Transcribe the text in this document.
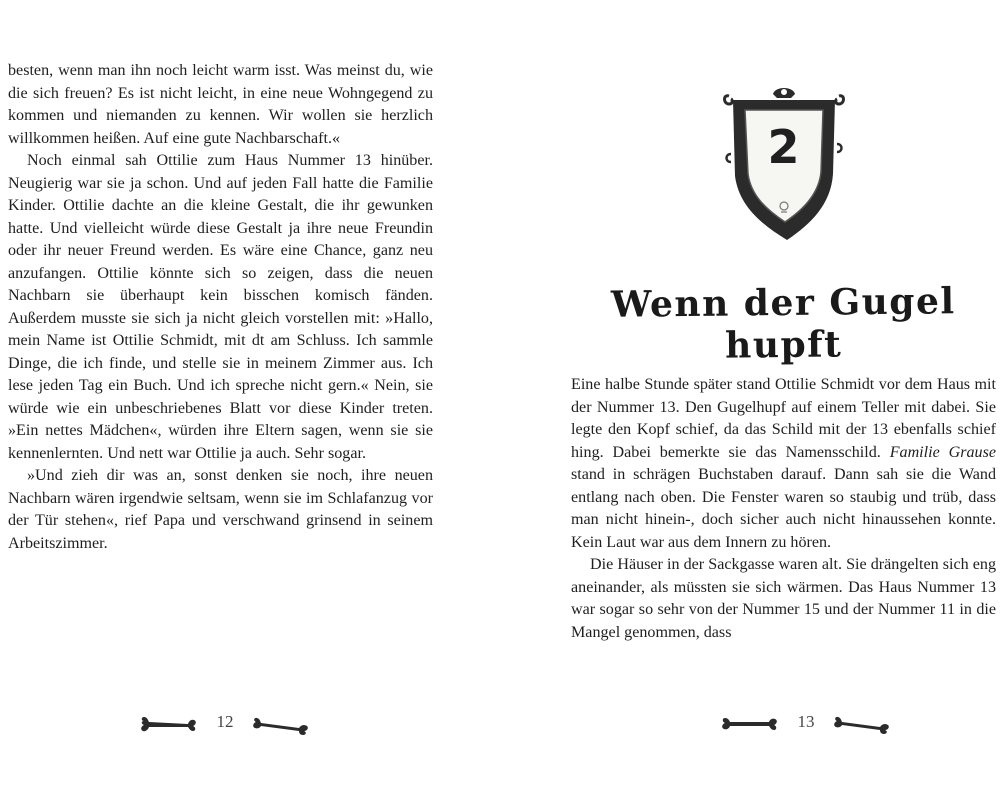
besten, wenn man ihn noch leicht warm isst. Was meinst du, wie die sich freuen? Es ist nicht leicht, in eine neue Wohngegend zu kommen und niemanden zu kennen. Wir wollen sie herzlich willkommen heißen. Auf eine gute Nachbarschaft.«

Noch einmal sah Ottilie zum Haus Nummer 13 hinüber. Neugierig war sie ja schon. Und auf jeden Fall hatte die Familie Kinder. Ottilie dachte an die kleine Gestalt, die ihr gewunken hatte. Und vielleicht würde diese Gestalt ja ihre neue Freundin oder ihr neuer Freund werden. Es wäre eine Chance, ganz neu anzufangen. Ottilie könnte sich so zeigen, dass die neuen Nachbarn sie überhaupt kein bisschen komisch fänden. Außerdem musste sie sich ja nicht gleich vorstellen mit: »Hallo, mein Name ist Ottilie Schmidt, mit dt am Schluss. Ich sammle Dinge, die ich finde, und stelle sie in meinem Zimmer aus. Ich lese jeden Tag ein Buch. Und ich spreche nicht gern.« Nein, sie würde wie ein unbeschriebenes Blatt vor diese Kinder treten. »Ein nettes Mädchen«, würden ihre Eltern sagen, wenn sie sie kennenlernten. Und nett war Ottilie ja auch. Sehr sogar.

»Und zieh dir was an, sonst denken sie noch, ihre neuen Nachbarn wären irgendwie seltsam, wenn sie im Schlafanzug vor der Tür stehen«, rief Papa und verschwand grinsend in seinem Arbeitszimmer.

12
2
Wenn der Gugel hupft

Eine halbe Stunde später stand Ottilie Schmidt vor dem Haus mit der Nummer 13. Den Gugelhupf auf einem Teller mit dabei. Sie legte den Kopf schief, da das Schild mit der 13 ebenfalls schief hing. Dabei bemerkte sie das Namensschild. Familie Grause stand in schrägen Buchstaben darauf. Dann sah sie die Wand entlang nach oben. Die Fenster waren so staubig und trüb, dass man nicht hinein-, doch sicher auch nicht hinaussehen konnte. Kein Laut war aus dem Innern zu hören.

Die Häuser in der Sackgasse waren alt. Sie drängelten sich eng aneinander, als müssten sie sich wärmen. Das Haus Nummer 13 war sogar so sehr von der Nummer 15 und der Nummer 11 in die Mangel genommen, dass

13
